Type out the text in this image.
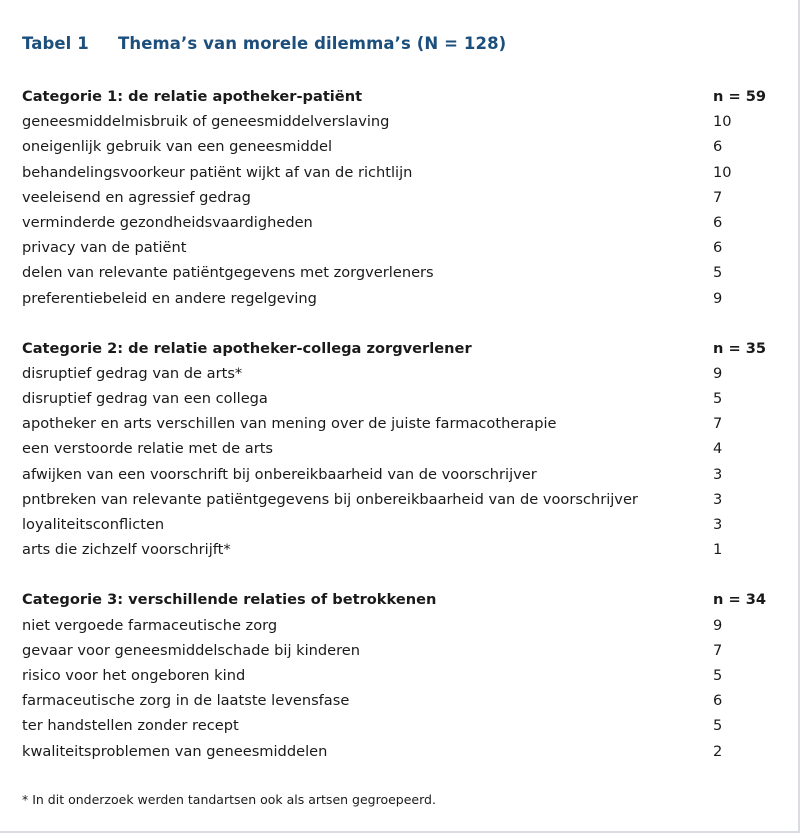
Tabel 1 Thema’s van morele dilemma’s (N = 128)
Categorie 1: de relatie apotheker-patiënt	n = 59
geneesmiddelmisbruik of geneesmiddelverslaving	10
oneigenlijk gebruik van een geneesmiddel	6
behandelingsvoorkeur patiënt wijkt af van de richtlijn	10
veeleisend en agressief gedrag	7
verminderde gezondheidsvaardigheden	6
privacy van de patiënt	6
delen van relevante patiëntgegevens met zorgverleners	5
preferentiebeleid en andere regelgeving	9
Categorie 2: de relatie apotheker-collega zorgverlener	n = 35
disruptief gedrag van de arts*	9
disruptief gedrag van een collega	5
apotheker en arts verschillen van mening over de juiste farmacotherapie	7
een verstoorde relatie met de arts	4
afwijken van een voorschrift bij onbereikbaarheid van de voorschrijver	3
pntbreken van relevante patiëntgegevens bij onbereikbaarheid van de voorschrijver	3
loyaliteitsconflicten	3
arts die zichzelf voorschrijft*	1
Categorie 3: verschillende relaties of betrokkenen	n = 34
niet vergoede farmaceutische zorg	9
gevaar voor geneesmiddelschade bij kinderen	7
risico voor het ongeboren kind	5
farmaceutische zorg in de laatste levensfase	6
ter handstellen zonder recept	5
kwaliteitsproblemen van geneesmiddelen	2
* In dit onderzoek werden tandartsen ook als artsen gegroepeerd.
